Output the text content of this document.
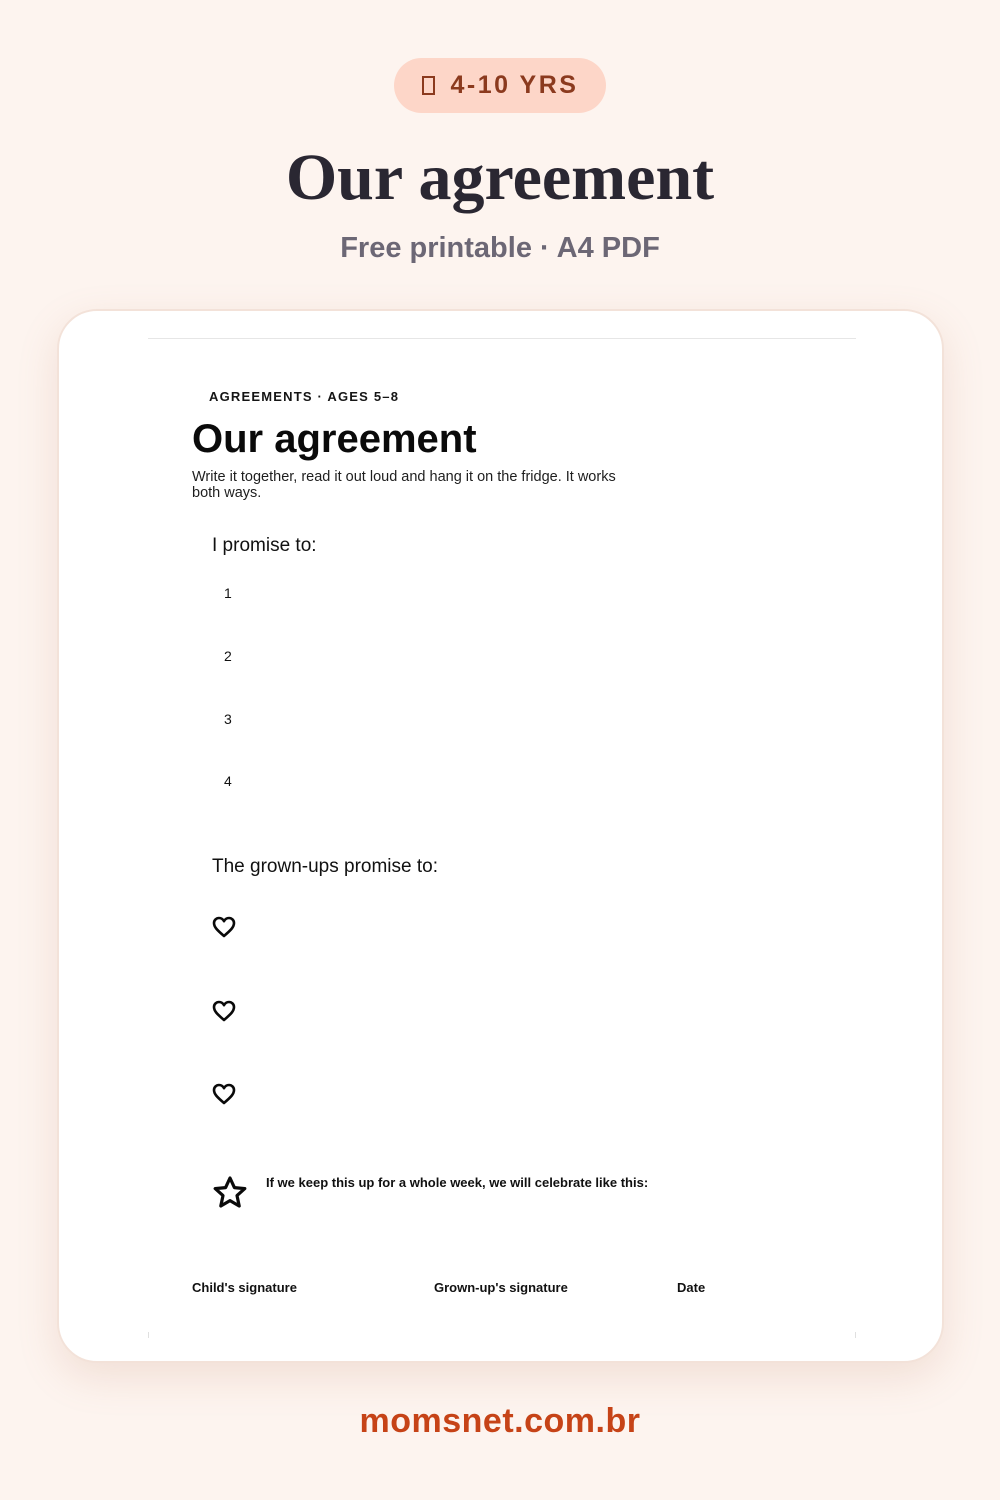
4-10 YRS
Our agreement
Free printable · A4 PDF
AGREEMENTS · AGES 5–8
Our agreement
Write it together, read it out loud and hang it on the fridge. It works both ways.
I promise to:
1
2
3
4
The grown-ups promise to:
If we keep this up for a whole week, we will celebrate like this:
Child's signature	Grown-up's signature	Date
momsnet.com.br
